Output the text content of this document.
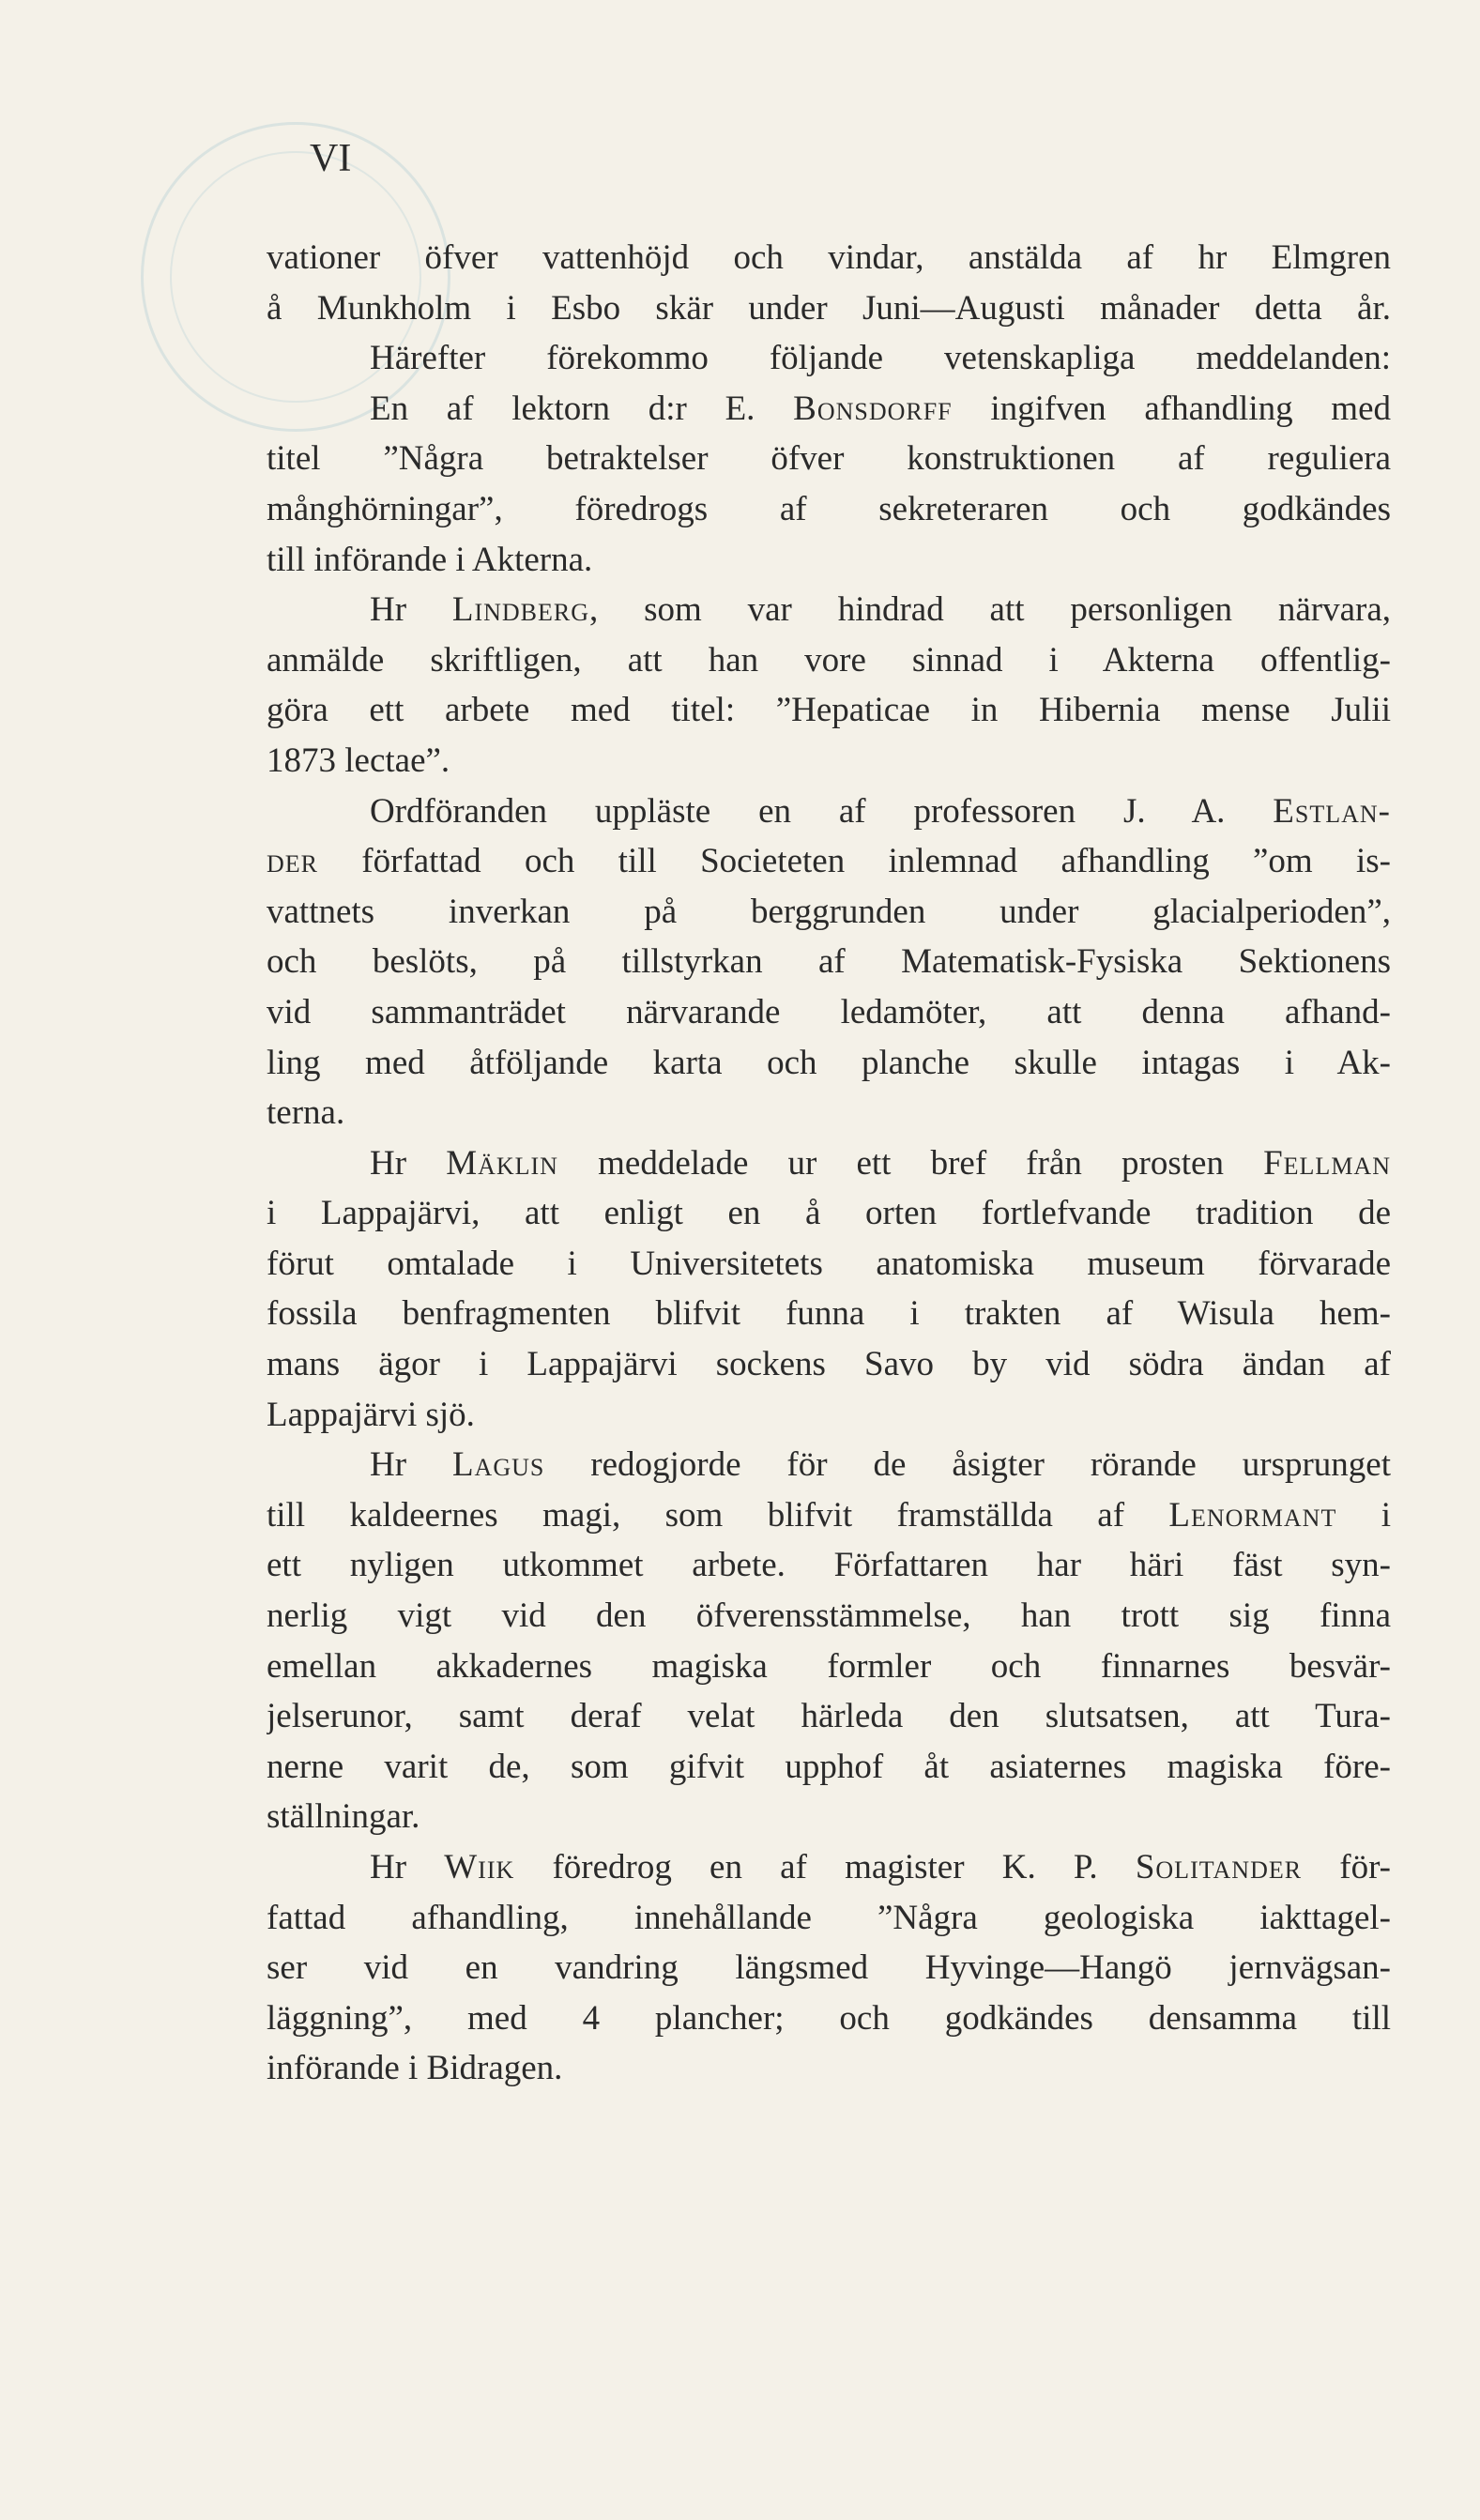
VI
vationer öfver vattenhöjd och vindar, anstälda af hr Elmgren
å Munkholm i Esbo skär under Juni—Augusti månader detta år.
Härefter förekommo följande vetenskapliga meddelanden:
En af lektorn d:r E. Bonsdorff ingifven afhandling med
titel ”Några betraktelser öfver konstruktionen af reguliera
månghörningar”, föredrogs af sekreteraren och godkändes
till införande i Akterna.
Hr Lindberg, som var hindrad att personligen närvara,
anmälde skriftligen, att han vore sinnad i Akterna offentlig-
göra ett arbete med titel: ”Hepaticae in Hibernia mense Julii
1873 lectae”.
Ordföranden uppläste en af professoren J. A. Estlan-
der författad och till Societeten inlemnad afhandling ”om is-
vattnets inverkan på berggrunden under glacialperioden”,
och beslöts, på tillstyrkan af Matematisk-Fysiska Sektionens
vid sammanträdet närvarande ledamöter, att denna afhand-
ling med åtföljande karta och planche skulle intagas i Ak-
terna.
Hr Mäklin meddelade ur ett bref från prosten Fellman
i Lappajärvi, att enligt en å orten fortlefvande tradition de
förut omtalade i Universitetets anatomiska museum förvarade
fossila benfragmenten blifvit funna i trakten af Wisula hem-
mans ägor i Lappajärvi sockens Savo by vid södra ändan af
Lappajärvi sjö.
Hr Lagus redogjorde för de åsigter rörande ursprunget
till kaldeernes magi, som blifvit framställda af Lenormant i
ett nyligen utkommet arbete. Författaren har häri fäst syn-
nerlig vigt vid den öfverensstämmelse, han trott sig finna
emellan akkadernes magiska formler och finnarnes besvär-
jelserunor, samt deraf velat härleda den slutsatsen, att Tura-
nerne varit de, som gifvit upphof åt asiaternes magiska före-
ställningar.
Hr Wiik föredrog en af magister K. P. Solitander för-
fattad afhandling, innehållande ”Några geologiska iakttagel-
ser vid en vandring längsmed Hyvinge—Hangö jernvägsan-
läggning”, med 4 plancher; och godkändes densamma till
införande i Bidragen.
